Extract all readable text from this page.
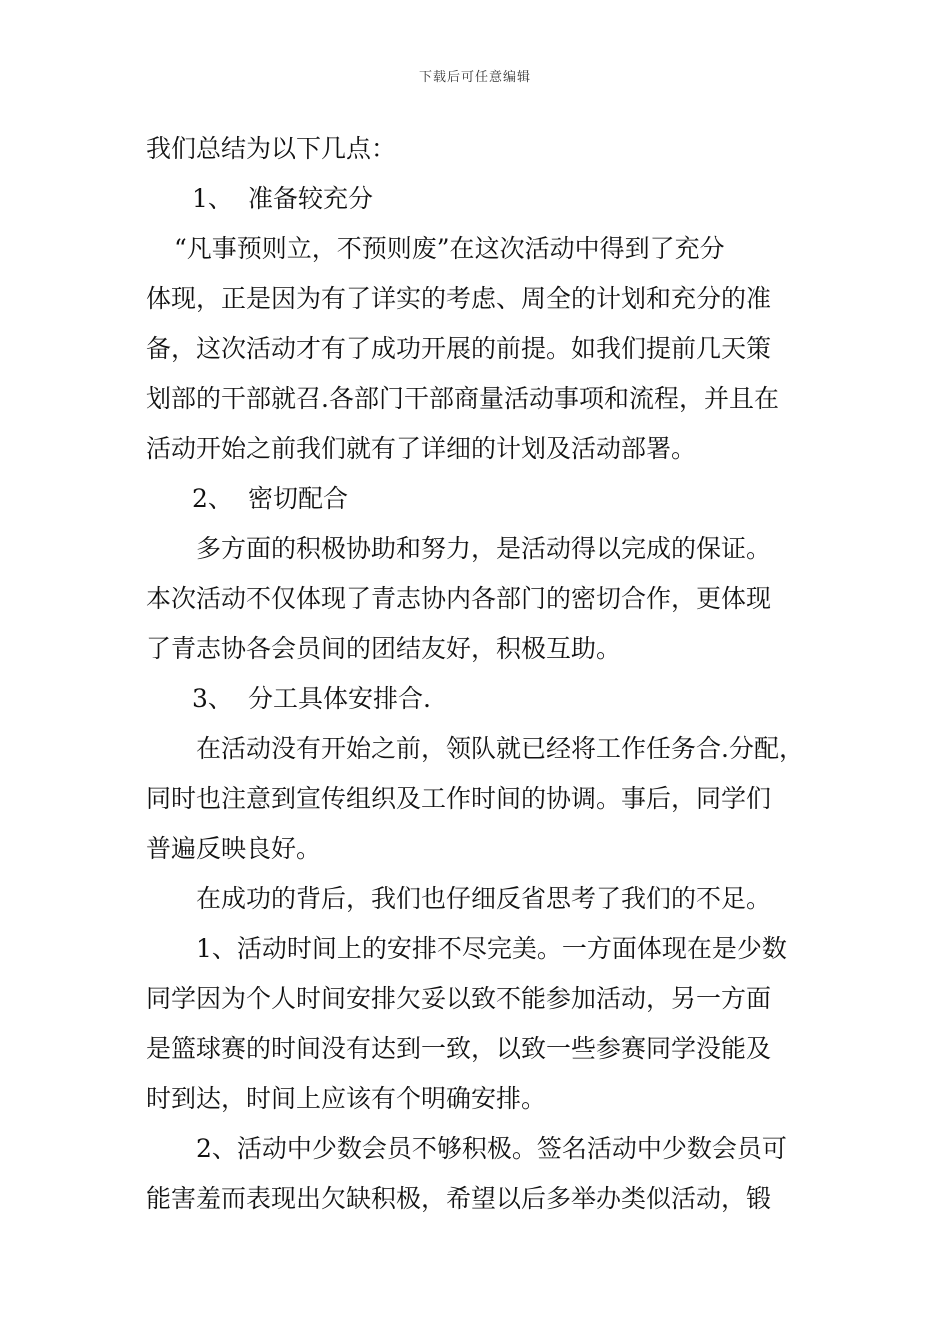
下载后可任意编辑
我们总结为以下几点：
1、 准备较充分
“凡事预则立，不预则废”在这次活动中得到了充分
体现，正是因为有了详实的考虑、周全的计划和充分的准
备，这次活动才有了成功开展的前提。如我们提前几天策
划部的干部就召.各部门干部商量活动事项和流程，并且在
活动开始之前我们就有了详细的计划及活动部署。
2、 密切配合
多方面的积极协助和努力，是活动得以完成的保证。
本次活动不仅体现了青志协内各部门的密切合作，更体现
了青志协各会员间的团结友好，积极互助。
3、 分工具体安排合.
在活动没有开始之前，领队就已经将工作任务合.分配，
同时也注意到宣传组织及工作时间的协调。事后，同学们
普遍反映良好。
在成功的背后，我们也仔细反省思考了我们的不足。
1、活动时间上的安排不尽完美。一方面体现在是少数
同学因为个人时间安排欠妥以致不能参加活动，另一方面
是篮球赛的时间没有达到一致，以致一些参赛同学没能及
时到达，时间上应该有个明确安排。
2、活动中少数会员不够积极。签名活动中少数会员可
能害羞而表现出欠缺积极，希望以后多举办类似活动，锻
